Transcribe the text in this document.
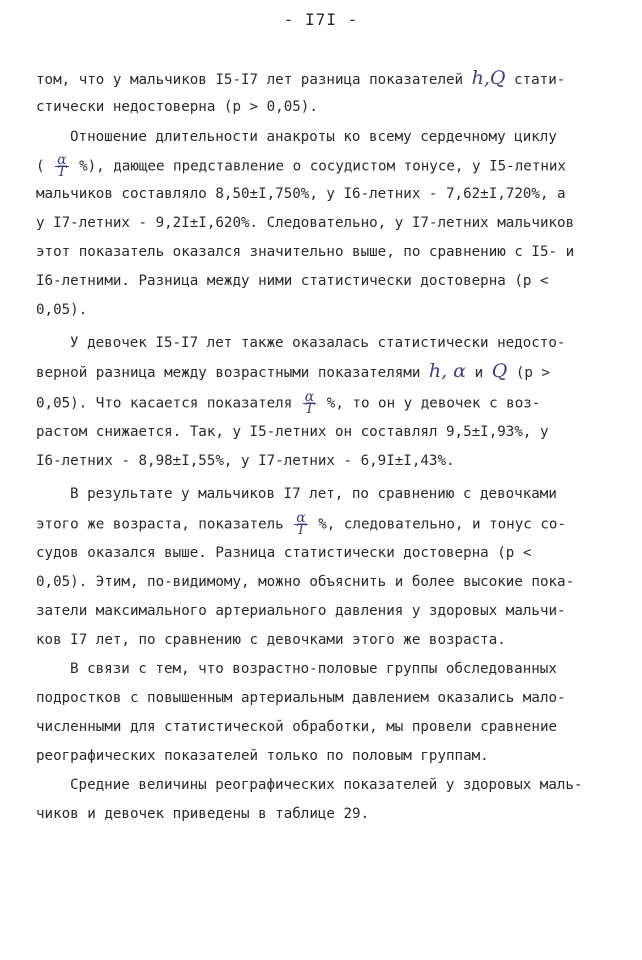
- I7I -
том, что у мальчиков I5-I7 лет разница показателей h,Q стати-
стически недостоверна (р > 0,05).
Отношение длительности анакроты ко всему сердечному циклу
( $\frac{\alpha}{T}$ %), дающее представление о сосудистом тонусе, у I5-летних
мальчиков составляло 8,50±I,750%, у I6-летних - 7,62±I,720%, а
у I7-летних - 9,2I±I,620%. Следовательно, у I7-летних мальчиков
этот показатель оказался значительно выше, по сравнению с I5- и
I6-летними. Разница между ними статистически достоверна (р <
0,05).
У девочек I5-I7 лет также оказалась статистически недосто-
верной разница между возрастными показателями h, α и Q (р >
0,05). Что касается показателя $\frac{\alpha}{T}$ %, то он у девочек с воз-
растом снижается. Так, у I5-летних он составлял 9,5±I,93%, у
I6-летних - 8,98±I,55%, у I7-летних - 6,9I±I,43%.
В результате у мальчиков I7 лет, по сравнению с девочками
этого же возраста, показатель $\frac{\alpha}{T}$ %, следовательно, и тонус со-
судов оказался выше. Разница статистически достоверна (р <
0,05). Этим, по-видимому, можно объяснить и более высокие пока-
затели максимального артериального давления у здоровых мальчи-
ков I7 лет, по сравнению с девочками этого же возраста.
В связи с тем, что возрастно-половые группы обследованных
подростков с повышенным артериальным давлением оказались мало-
численными для статистической обработки, мы провели сравнение
реографических показателей только по половым группам.
Средние величины реографических показателей у здоровых маль-
чиков и девочек приведены в таблице 29.
